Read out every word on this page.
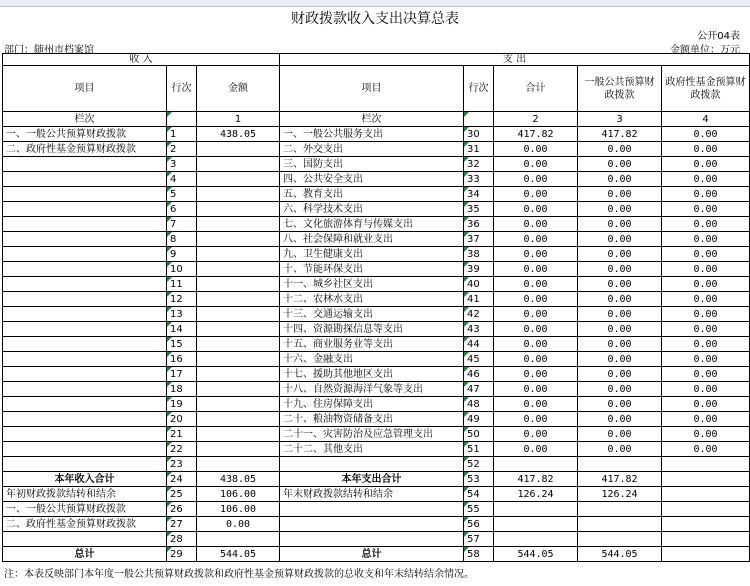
财政拨款收入支出决算总表
公开04表
部门：随州市档案馆	金额单位：万元
收 入			支 出				
项目	行次	金额	项目	行次	合计	一般公共预算财政拨款	政府性基金预算财政拨款
栏次		1	栏次		2	3	4
一、一般公共预算财政拨款	1	438.05	一、一般公共服务支出	30	417.82	417.82	0.00
二、政府性基金预算财政拨款	2		二、外交支出	31	0.00	0.00	0.00
	3		三、国防支出	32	0.00	0.00	0.00
	4		四、公共安全支出	33	0.00	0.00	0.00
	5		五、教育支出	34	0.00	0.00	0.00
	6		六、科学技术支出	35	0.00	0.00	0.00
	7		七、文化旅游体育与传媒支出	36	0.00	0.00	0.00
	8		八、社会保障和就业支出	37	0.00	0.00	0.00
	9		九、卫生健康支出	38	0.00	0.00	0.00
	10		十、节能环保支出	39	0.00	0.00	0.00
	11		十一、城乡社区支出	40	0.00	0.00	0.00
	12		十二、农林水支出	41	0.00	0.00	0.00
	13		十三、交通运输支出	42	0.00	0.00	0.00
	14		十四、资源勘探信息等支出	43	0.00	0.00	0.00
	15		十五、商业服务业等支出	44	0.00	0.00	0.00
	16		十六、金融支出	45	0.00	0.00	0.00
	17		十七、援助其他地区支出	46	0.00	0.00	0.00
	18		十八、自然资源海洋气象等支出	47	0.00	0.00	0.00
	19		十九、住房保障支出	48	0.00	0.00	0.00
	20		二十、粮油物资储备支出	49	0.00	0.00	0.00
	21		二十一、灾害防治及应急管理支出	50	0.00	0.00	0.00
	22		二十二、其他支出	51	0.00	0.00	0.00
	23			52			
本年收入合计	24	438.05	本年支出合计	53	417.82	417.82	
年初财政拨款结转和结余	25	106.00	年末财政拨款结转和结余	54	126.24	126.24	
一、一般公共预算财政拨款	26	106.00		55			
二、政府性基金预算财政拨款	27	0.00		56			
	28			57			
总计	29	544.05	总计	58	544.05	544.05	
注：本表反映部门本年度一般公共预算财政拨款和政府性基金预算财政拨款的总收支和年末结转结余情况。
